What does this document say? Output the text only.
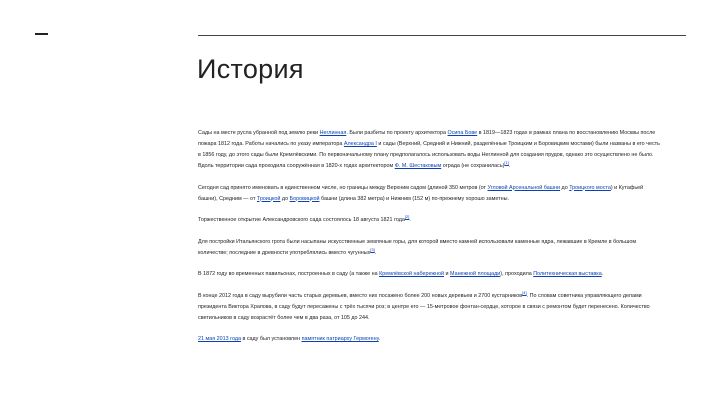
История

Сады на месте русла убранной под землю реки Неглинная. Были разбиты по проекту архитектора Осипа Бове в 1819—1823 годах в рамках плана по восстановлению Москвы после пожара 1812 года. Работы начались по указу императора Александра I и сады (Верхний, Средний и Нижний, разделённые Троицким и Боровицким мостами) были названы в его честь в 1856 году, до этого сады были Кремлёвскими. По первоначальному плану предполагалось использовать воды Неглинной для создания прудов, однако это осуществлено не было. Вдоль территории сада проходила сооружённая в 1820-х годах архитектором Ф. М. Шестаковым ограда (не сохранилась)[1].

Сегодня сад принято именовать в единственном числе, но границы между Верхним садом (длиной 350 метров (от Угловой Арсенальной башни до Троицкого моста) и Кутафьей башни), Средним — от Троицкой до Боровицкой башни (длина 382 метра) и Нижним (152 м) по-прежнему хорошо заметны.

Торжественное открытие Александровского сада состоялось 18 августа 1821 года[2].

Для постройки Итальянского грота были насыпаны искусственные земляные горы, для которой вместо камней использовали каменные ядра, лежавшие в Кремле в большом количестве; последние в древности употреблялись вместо чугунных[3].

В 1872 году во временных павильонах, построенных в саду (а также на Кремлёвской набережной и Манежной площади), проходила Политехническая выставка.

В конце 2012 года в саду вырубили часть старых деревьев, вместо них посажено более 200 новых деревьев и 2700 кустарников[4]. По словам советника управляющего делами президента Виктора Храпова, в саду будут пересажены с трёх тысячи роз; в центре его — 15-метровое фонтан-сердце, которое в связи с ремонтом будет перенесено. Количество светильников в саду возрастёт более чем в два раза, от 105 до 244.

21 мая 2013 года в саду был установлен памятник патриарху Гермогену.
